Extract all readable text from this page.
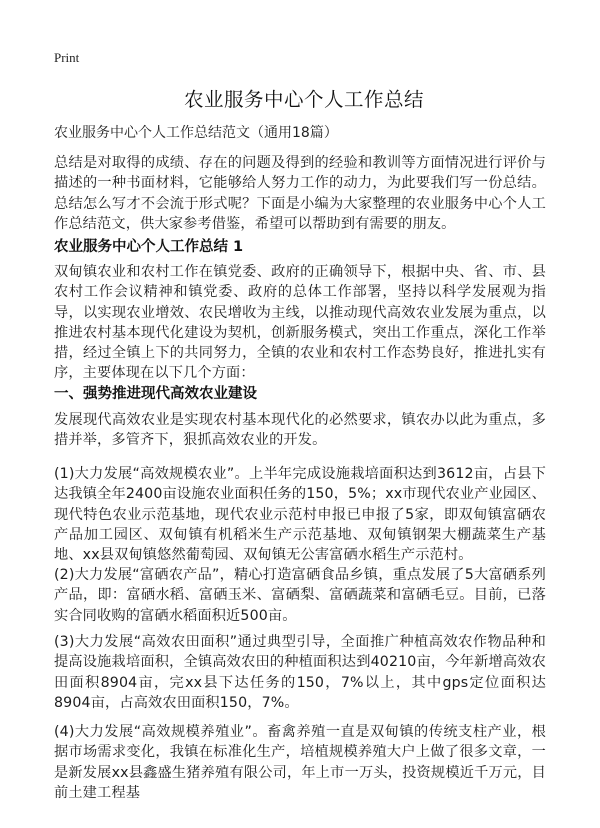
Print
农业服务中心个人工作总结
农业服务中心个人工作总结范文（通用18篇）
总结是对取得的成绩、存在的问题及得到的经验和教训等方面情况进行评价与描述的一种书面材料，它能够给人努力工作的动力，为此要我们写一份总结。总结怎么写才不会流于形式呢？下面是小编为大家整理的农业服务中心个人工作总结范文，供大家参考借鉴，希望可以帮助到有需要的朋友。
农业服务中心个人工作总结 1
双甸镇农业和农村工作在镇党委、政府的正确领导下，根据中央、省、市、县农村工作会议精神和镇党委、政府的总体工作部署，坚持以科学发展观为指导，以实现农业增效、农民增收为主线，以推动现代高效农业发展为重点，以推进农村基本现代化建设为契机，创新服务模式，突出工作重点，深化工作举措，经过全镇上下的共同努力，全镇的农业和农村工作态势良好，推进扎实有序，主要体现在以下几个方面：
一、强势推进现代高效农业建设
发展现代高效农业是实现农村基本现代化的必然要求，镇农办以此为重点，多措并举，多管齐下，狠抓高效农业的开发。
(1)大力发展“高效规模农业”。上半年完成设施栽培面积达到3612亩，占县下达我镇全年2400亩设施农业面积任务的150，5%；xx市现代农业产业园区、现代特色农业示范基地，现代农业示范村申报已申报了5家，即双甸镇富硒农产品加工园区、双甸镇有机稻米生产示范基地、双甸镇钢架大棚蔬菜生产基地、xx县双甸镇悠然葡萄园、双甸镇无公害富硒水稻生产示范村。
(2)大力发展“富硒农产品”，精心打造富硒食品乡镇，重点发展了5大富硒系列产品，即：富硒水稻、富硒玉米、富硒梨、富硒蔬菜和富硒毛豆。目前，已落实合同收购的富硒水稻面积近500亩。
(3)大力发展“高效农田面积”通过典型引导，全面推广种植高效农作物品种和提高设施栽培面积，全镇高效农田的种植面积达到40210亩，今年新增高效农田面积8904亩，完xx县下达任务的150，7%以上，其中gps定位面积达8904亩，占高效农田面积150，7%。
(4)大力发展“高效规模养殖业”。畜禽养殖一直是双甸镇的传统支柱产业，根据市场需求变化，我镇在标准化生产，培植规模养殖大户上做了很多文章，一是新发展xx县鑫盛生猪养殖有限公司，年上市一万头，投资规模近千万元，目前土建工程基
